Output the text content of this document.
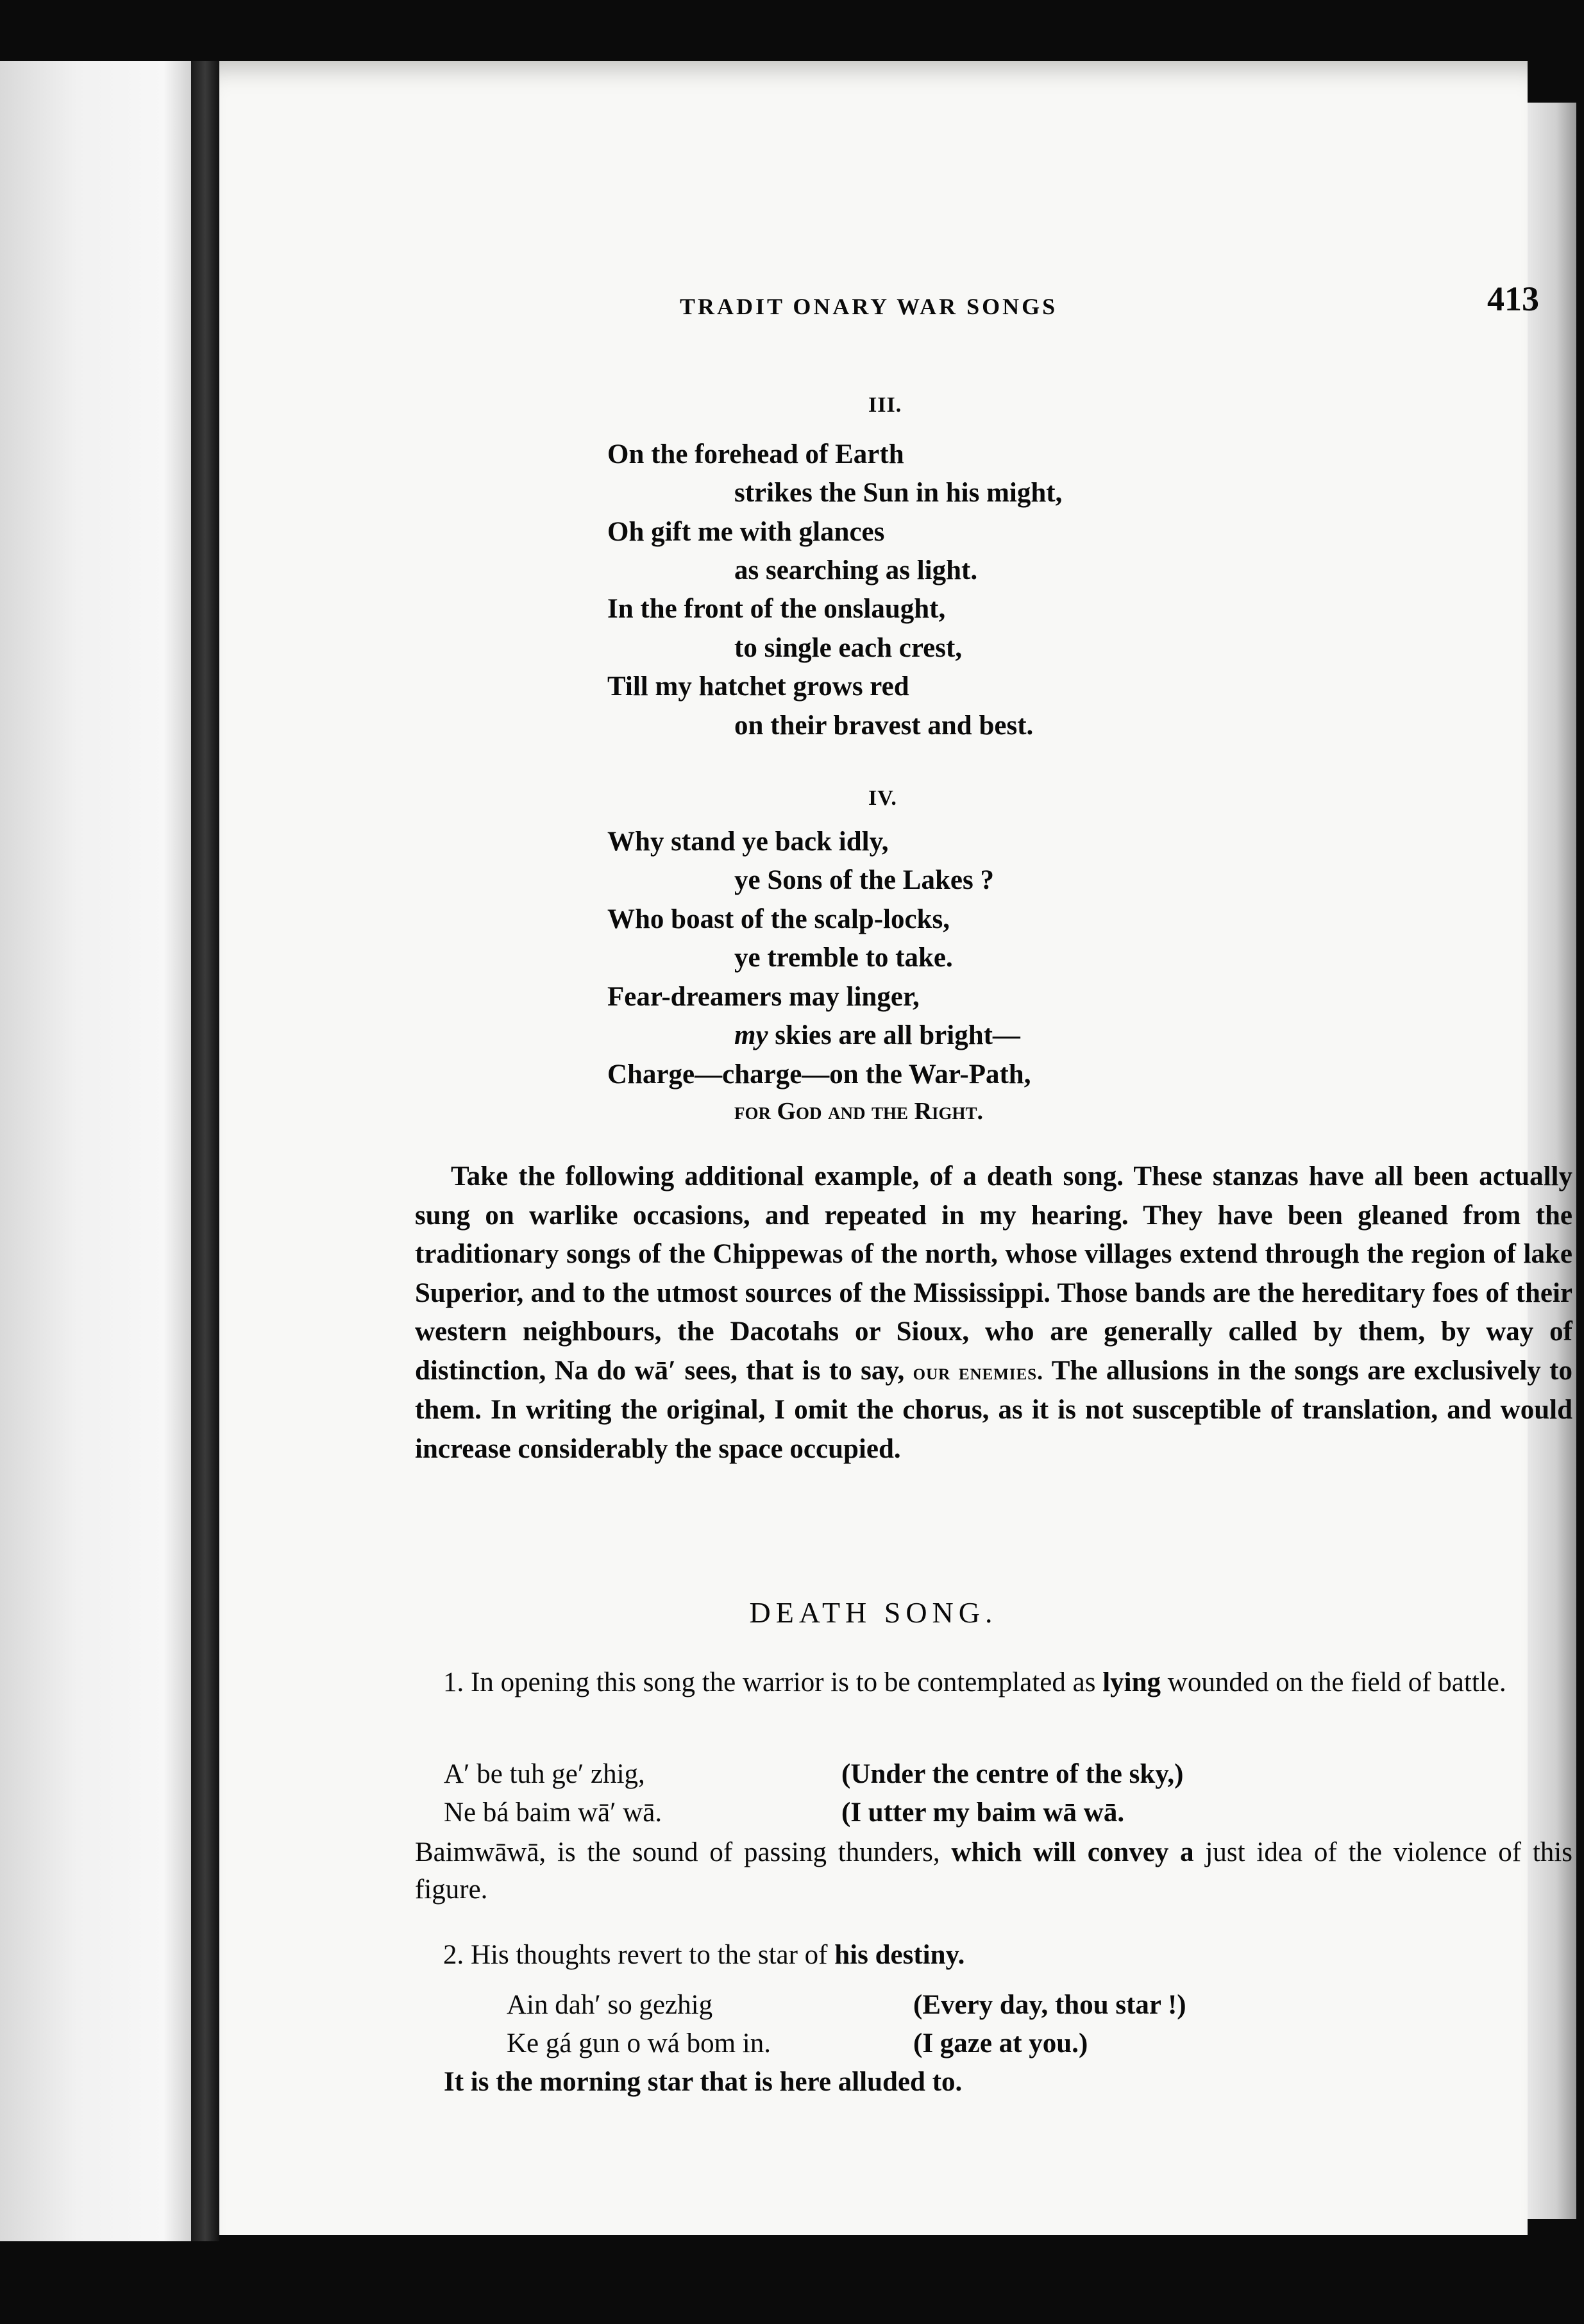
TRADIT ONARY WAR SONGS	413
III.
On the forehead of Earth
strikes the Sun in his might,
Oh gift me with glances
as searching as light.
In the front of the onslaught,
to single each crest,
Till my hatchet grows red
on their bravest and best.
IV.
Why stand ye back idly,
ye Sons of the Lakes ?
Who boast of the scalp-locks,
ye tremble to take.
Fear-dreamers may linger,
my skies are all bright—
Charge—charge—on the War-Path,
for God and the Right.
Take the following additional example, of a death song. These stanzas have all been actually sung on warlike occasions, and repeated in my hearing. They have been gleaned from the traditionary songs of the Chippewas of the north, whose villages extend through the region of lake Superior, and to the utmost sources of the Mississippi. Those bands are the hereditary foes of their western neighbours, the Dacotahs or Sioux, who are generally called by them, by way of distinction, Na do wā′ sees, that is to say, our enemies. The allusions in the songs are exclusively to them. In writing the original, I omit the chorus, as it is not susceptible of translation, and would increase considerably the space occupied.
DEATH SONG.
1. In opening this song the warrior is to be contemplated as lying wounded on the field of battle.
A′ be tuh ge′ zhig,	(Under the centre of the sky,)
Ne bá baim wā′ wā.	(I utter my baim wā wā.
Baimwāwā, is the sound of passing thunders, which will convey a just idea of the violence of this figure.
2. His thoughts revert to the star of his destiny.
Ain dah′ so gezhig	(Every day, thou star !)
Ke gá gun o wá bom in.	(I gaze at you.)
It is the morning star that is here alluded to.
